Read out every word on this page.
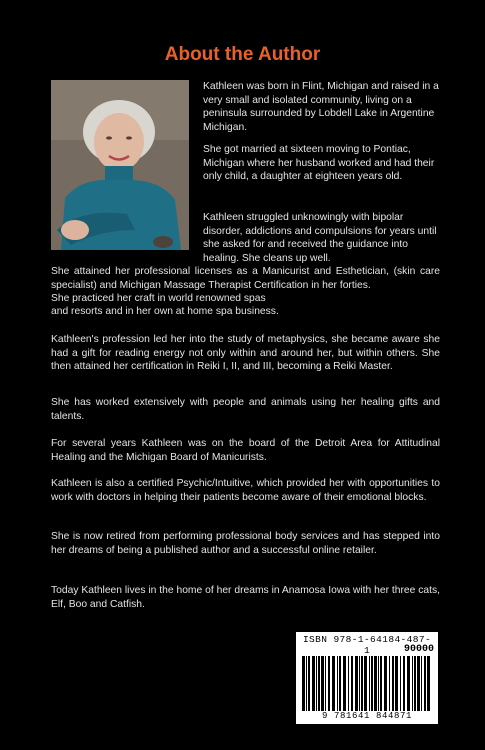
About the Author

Kathleen was born in Flint, Michigan and raised in a very small and isolated community, living on a peninsula surrounded by Lobdell Lake in Argentine Michigan.

She got married at sixteen moving to Pontiac, Michigan where her husband worked and had their only child, a daughter at eighteen years old.

Kathleen struggled unknowingly with bipolar disorder, addictions and compulsions for years until she asked for and received the guidance into healing. She cleans up well.

She attained her professional licenses as a Manicurist and Esthetician, (skin care specialist) and Michigan Massage Therapist Certification in her forties.

She practiced her craft in world renowned spas

and resorts and in her own at home spa business.

Kathleen's profession led her into the study of metaphysics, she became aware she had a gift for reading energy not only within and around her, but within others. She then attained her certification in Reiki I, II, and III, becoming a Reiki Master.

She has worked extensively with people and animals using her healing gifts and talents.

For several years Kathleen was on the board of the Detroit Area for Attitudinal Healing and the Michigan Board of Manicurists.

Kathleen is also a certified Psychic/Intuitive, which provided her with opportunities to work with doctors in helping their patients become aware of their emotional blocks.

She is now retired from performing professional body services and has stepped into her dreams of being a published author and a successful online retailer.

Today Kathleen lives in the home of her dreams in Anamosa Iowa with her three cats, Elf, Boo and Catfish.

ISBN 978-1-64184-487-1	90000
9 781641 844871
